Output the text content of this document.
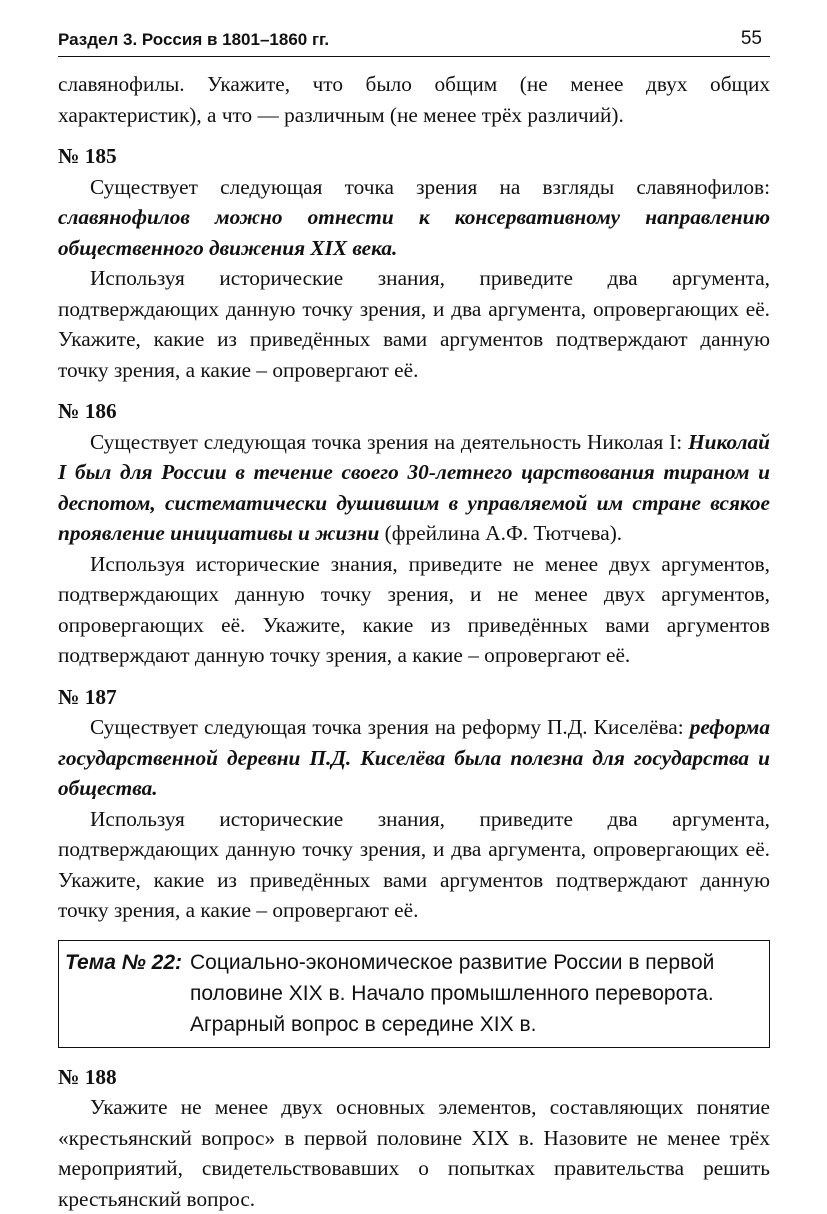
Раздел 3. Россия в 1801–1860 гг.	55

славянофилы. Укажите, что было общим (не менее двух общих характеристик), а что — различным (не менее трёх различий).

№ 185

Существует следующая точка зрения на взгляды славянофилов: славянофилов можно отнести к консервативному направлению общественного движения XIX века.

Используя исторические знания, приведите два аргумента, подтверждающих данную точку зрения, и два аргумента, опровергающих её. Укажите, какие из приведённых вами аргументов подтверждают данную точку зрения, а какие – опровергают её.

№ 186

Существует следующая точка зрения на деятельность Николая I: Николай I был для России в течение своего 30-летнего царствования тираном и деспотом, систематически душившим в управляемой им стране всякое проявление инициативы и жизни (фрейлина А.Ф. Тютчева).

Используя исторические знания, приведите не менее двух аргументов, подтверждающих данную точку зрения, и не менее двух аргументов, опровергающих её. Укажите, какие из приведённых вами аргументов подтверждают данную точку зрения, а какие – опровергают её.

№ 187

Существует следующая точка зрения на реформу П.Д. Киселёва: реформа государственной деревни П.Д. Киселёва была полезна для государства и общества.

Используя исторические знания, приведите два аргумента, подтверждающих данную точку зрения, и два аргумента, опровергающих её. Укажите, какие из приведённых вами аргументов подтверждают данную точку зрения, а какие – опровергают её.

Тема № 22: Социально-экономическое развитие России в первой
половине XIX в. Начало промышленного переворота.
Аграрный вопрос в середине XIX в.
№ 188

Укажите не менее двух основных элементов, составляющих понятие «крестьянский вопрос» в первой половине XIX в. Назовите не менее трёх мероприятий, свидетельствовавших о попытках правительства решить крестьянский вопрос.
